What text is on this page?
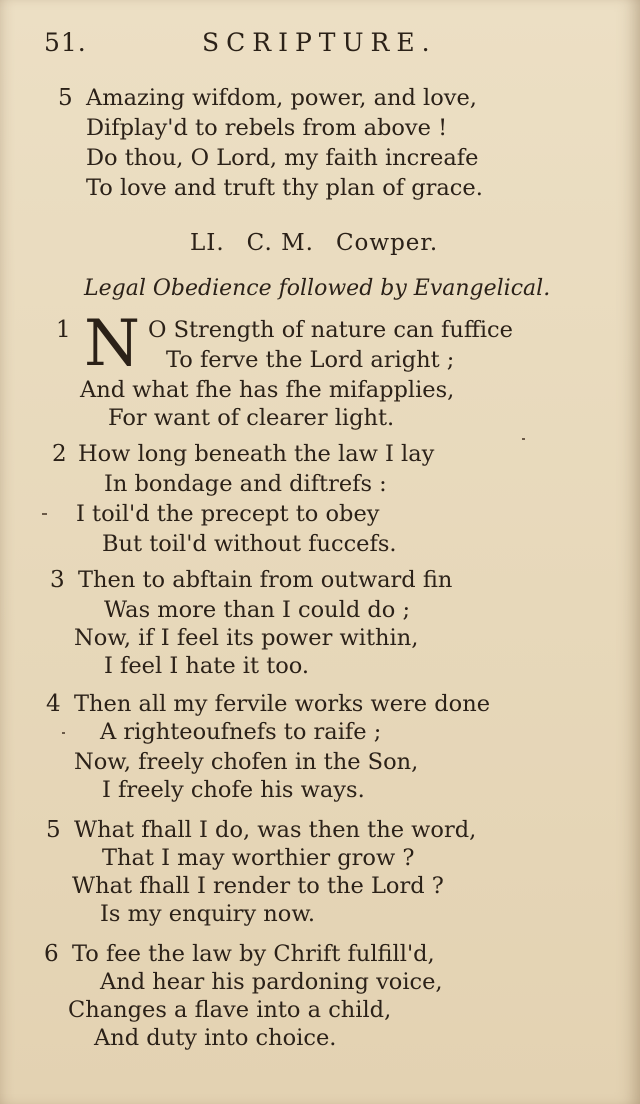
51.	SCRIPTURE.
5 Amazing wifdom, power, and love,
Difplay'd to rebels from above !
Do thou, O Lord, my faith increafe
To love and truft thy plan of grace.
LI. C. M. Cowper.
Legal Obedience followed by Evangelical.
1 N O Strength of nature can fuffice
To ferve the Lord aright ;
And what fhe has fhe mifapplies,
For want of clearer light.
2 How long beneath the law I lay
In bondage and diftrefs :
I toil'd the precept to obey
But toil'd without fuccefs.
3 Then to abftain from outward fin
Was more than I could do ;
Now, if I feel its power within,
I feel I hate it too.
4 Then all my fervile works were done
A righteoufnefs to raife ;
Now, freely chofen in the Son,
I freely chofe his ways.
5 What fhall I do, was then the word,
That I may worthier grow ?
What fhall I render to the Lord ?
Is my enquiry now.
6 To fee the law by Chrift fulfill'd,
And hear his pardoning voice,
Changes a flave into a child,
And duty into choice.
